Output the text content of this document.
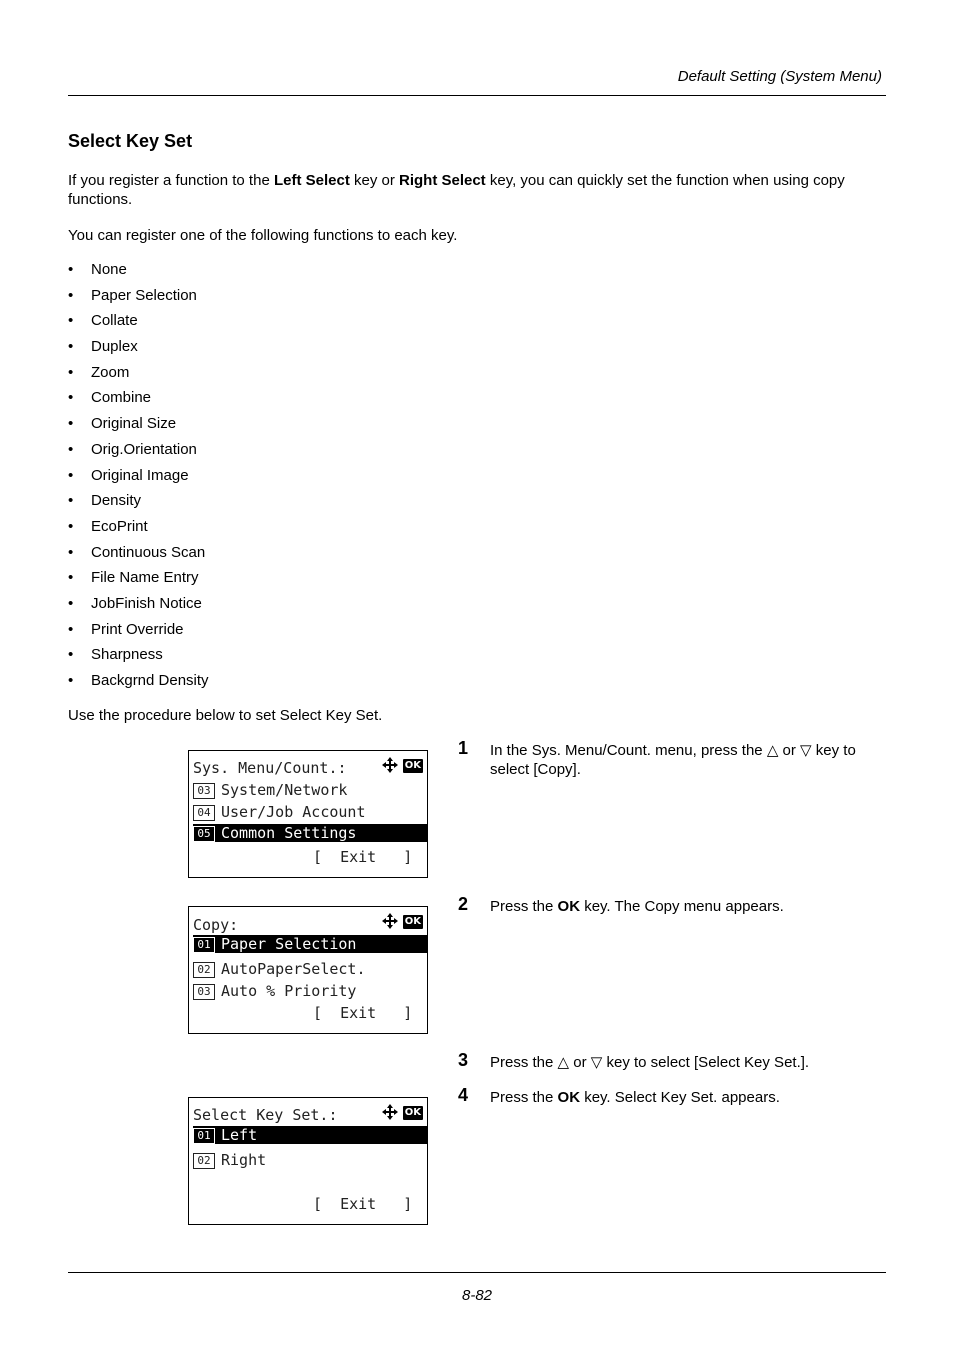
Default Setting (System Menu)
Select Key Set

If you register a function to the Left Select key or Right Select key, you can quickly set the function when using copy functions.

You can register one of the following functions to each key.

• None
• Paper Selection
• Collate
• Duplex
• Zoom
• Combine
• Original Size
• Orig.Orientation
• Original Image
• Density
• EcoPrint
• Continuous Scan
• File Name Entry
• JobFinish Notice
• Print Override
• Sharpness
• Backgrnd Density

Use the procedure below to set Select Key Set.

Sys. Menu/Count.:	OK
03 System/Network
04 User/Job Account
05 Common Settings
[  Exit   ]
Copy:	OK
01 Paper Selection
02 AutoPaperSelect.
03 Auto % Priority
[  Exit   ]
Select Key Set.:	OK
01 Left
02 Right
[  Exit   ]
1 In the Sys. Menu/Count. menu, press the △ or ▽ key to select [Copy].
2 Press the OK key. The Copy menu appears.
3 Press the △ or ▽ key to select [Select Key Set.].
4 Press the OK key. Select Key Set. appears.
8-82
